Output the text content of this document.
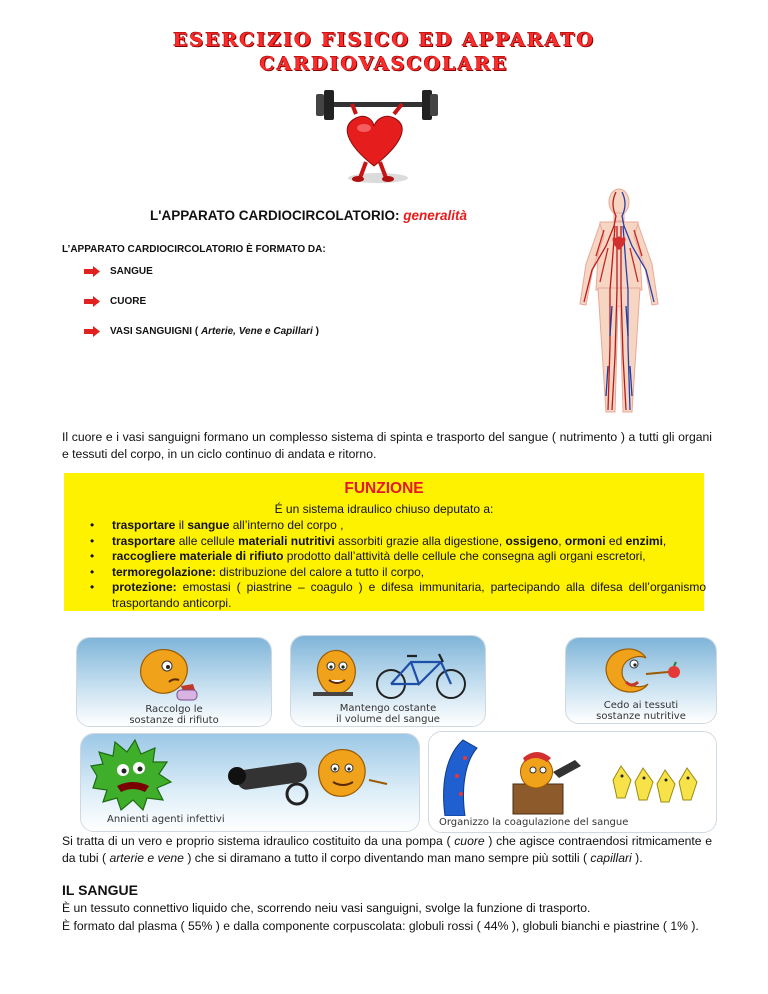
ESERCIZIO FISICO ED APPARATO
CARDIOVASCOLARE
L'APPARATO CARDIOCIRCOLATORIO: generalità
L’APPARATO CARDIOCIRCOLATORIO È FORMATO DA:
SANGUE
CUORE
VASI SANGUIGNI ( Arterie, Vene e Capillari )
Il cuore e i vasi sanguigni formano un complesso sistema di spinta e trasporto del sangue ( nutrimento ) a tutti gli organi e tessuti del corpo, in un ciclo continuo di andata e ritorno.
FUNZIONE
É un sistema idraulico chiuso deputato a:
• trasportare il sangue all’interno del corpo ,
• trasportare alle cellule materiali nutritivi assorbiti grazie alla digestione, ossigeno, ormoni ed enzimi,
• raccogliere materiale di rifiuto prodotto dall’attività delle cellule che consegna agli organi escretori,
• termoregolazione: distribuzione del calore a tutto il corpo,
• protezione: emostasi ( piastrine – coagulo ) e difesa immunitaria, partecipando alla difesa dell’organismo trasportando anticorpi.
Raccolgo le
sostanze di rifiuto
Mantengo costante
il volume del sangue
Cedo ai tessuti
sostanze nutritive
Annienti agenti infettivi	Organizzo la coagulazione del sangue
Si tratta di un vero e proprio sistema idraulico costituito da una pompa ( cuore ) che agisce contraendosi ritmicamente e da tubi ( arterie e vene ) che si diramano a tutto il corpo diventando man mano sempre più sottili ( capillari ).
IL SANGUE
È un tessuto connettivo liquido che, scorrendo neiu vasi sanguigni, svolge la funzione di trasporto.
È formato dal plasma ( 55% ) e dalla componente corpuscolata: globuli rossi ( 44% ), globuli bianchi e piastrine ( 1% ).
